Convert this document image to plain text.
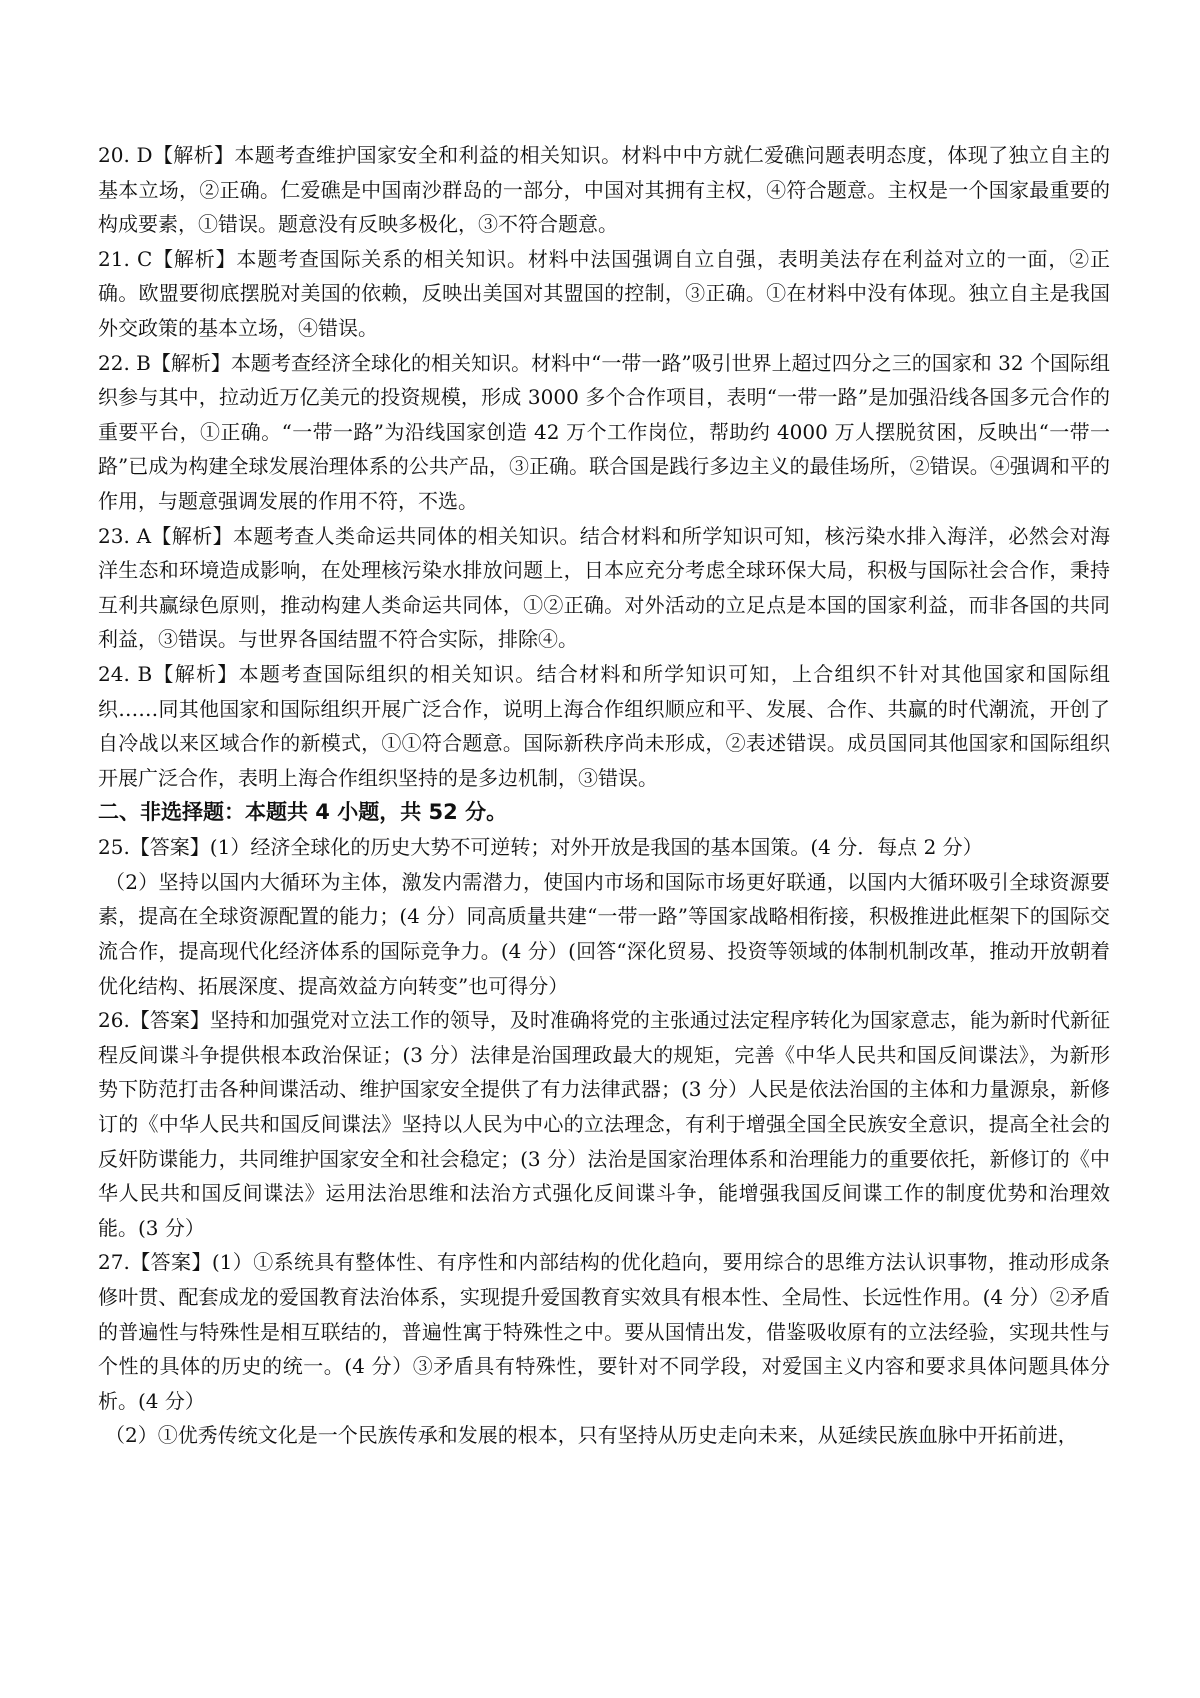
20. D【解析】本题考查维护国家安全和利益的相关知识。材料中中方就仁爱礁问题表明态度，体现了独立自主的基本立场，②正确。仁爱礁是中国南沙群岛的一部分，中国对其拥有主权，④符合题意。主权是一个国家最重要的构成要素，①错误。题意没有反映多极化，③不符合题意。

21. C【解析】本题考查国际关系的相关知识。材料中法国强调自立自强，表明美法存在利益对立的一面，②正确。欧盟要彻底摆脱对美国的依赖，反映出美国对其盟国的控制，③正确。①在材料中没有体现。独立自主是我国外交政策的基本立场，④错误。

22. B【解析】本题考查经济全球化的相关知识。材料中“一带一路”吸引世界上超过四分之三的国家和 32 个国际组织参与其中，拉动近万亿美元的投资规模，形成 3000 多个合作项目，表明“一带一路”是加强沿线各国多元合作的重要平台，①正确。“一带一路”为沿线国家创造 42 万个工作岗位，帮助约 4000 万人摆脱贫困，反映出“一带一路”已成为构建全球发展治理体系的公共产品，③正确。联合国是践行多边主义的最佳场所，②错误。④强调和平的作用，与题意强调发展的作用不符，不选。

23. A【解析】本题考查人类命运共同体的相关知识。结合材料和所学知识可知，核污染水排入海洋，必然会对海洋生态和环境造成影响，在处理核污染水排放问题上，日本应充分考虑全球环保大局，积极与国际社会合作，秉持互利共赢绿色原则，推动构建人类命运共同体，①②正确。对外活动的立足点是本国的国家利益，而非各国的共同利益，③错误。与世界各国结盟不符合实际，排除④。

24. B【解析】本题考查国际组织的相关知识。结合材料和所学知识可知，上合组织不针对其他国家和国际组织……同其他国家和国际组织开展广泛合作，说明上海合作组织顺应和平、发展、合作、共赢的时代潮流，开创了自冷战以来区域合作的新模式，①①符合题意。国际新秩序尚未形成，②表述错误。成员国同其他国家和国际组织开展广泛合作，表明上海合作组织坚持的是多边机制，③错误。

二、非选择题：本题共 4 小题，共 52 分。

25.【答案】(1）经济全球化的历史大势不可逆转；对外开放是我国的基本国策。(4 分．每点 2 分）

（2）坚持以国内大循环为主体，激发内需潜力，使国内市场和国际市场更好联通，以国内大循环吸引全球资源要素，提高在全球资源配置的能力；(4 分）同高质量共建“一带一路”等国家战略相衔接，积极推进此框架下的国际交流合作，提高现代化经济体系的国际竞争力。(4 分）(回答“深化贸易、投资等领域的体制机制改革，推动开放朝着优化结构、拓展深度、提高效益方向转变”也可得分）

26.【答案】坚持和加强党对立法工作的领导，及时准确将党的主张通过法定程序转化为国家意志，能为新时代新征程反间谍斗争提供根本政治保证；(3 分）法律是治国理政最大的规矩，完善《中华人民共和国反间谍法》，为新形势下防范打击各种间谍活动、维护国家安全提供了有力法律武器；(3 分）人民是依法治国的主体和力量源泉，新修订的《中华人民共和国反间谍法》坚持以人民为中心的立法理念，有利于增强全国全民族安全意识，提高全社会的反奸防谍能力，共同维护国家安全和社会稳定；(3 分）法治是国家治理体系和治理能力的重要依托，新修订的《中华人民共和国反间谍法》运用法治思维和法治方式强化反间谍斗争，能增强我国反间谍工作的制度优势和治理效能。(3 分）

27.【答案】(1）①系统具有整体性、有序性和内部结构的优化趋向，要用综合的思维方法认识事物，推动形成条修叶贯、配套成龙的爱国教育法治体系，实现提升爱国教育实效具有根本性、全局性、长远性作用。(4 分）②矛盾的普遍性与特殊性是相互联结的，普遍性寓于特殊性之中。要从国情出发，借鉴吸收原有的立法经验，实现共性与个性的具体的历史的统一。(4 分）③矛盾具有特殊性，要针对不同学段，对爱国主义内容和要求具体问题具体分析。(4 分）

（2）①优秀传统文化是一个民族传承和发展的根本，只有坚持从历史走向未来，从延续民族血脉中开拓前进，
